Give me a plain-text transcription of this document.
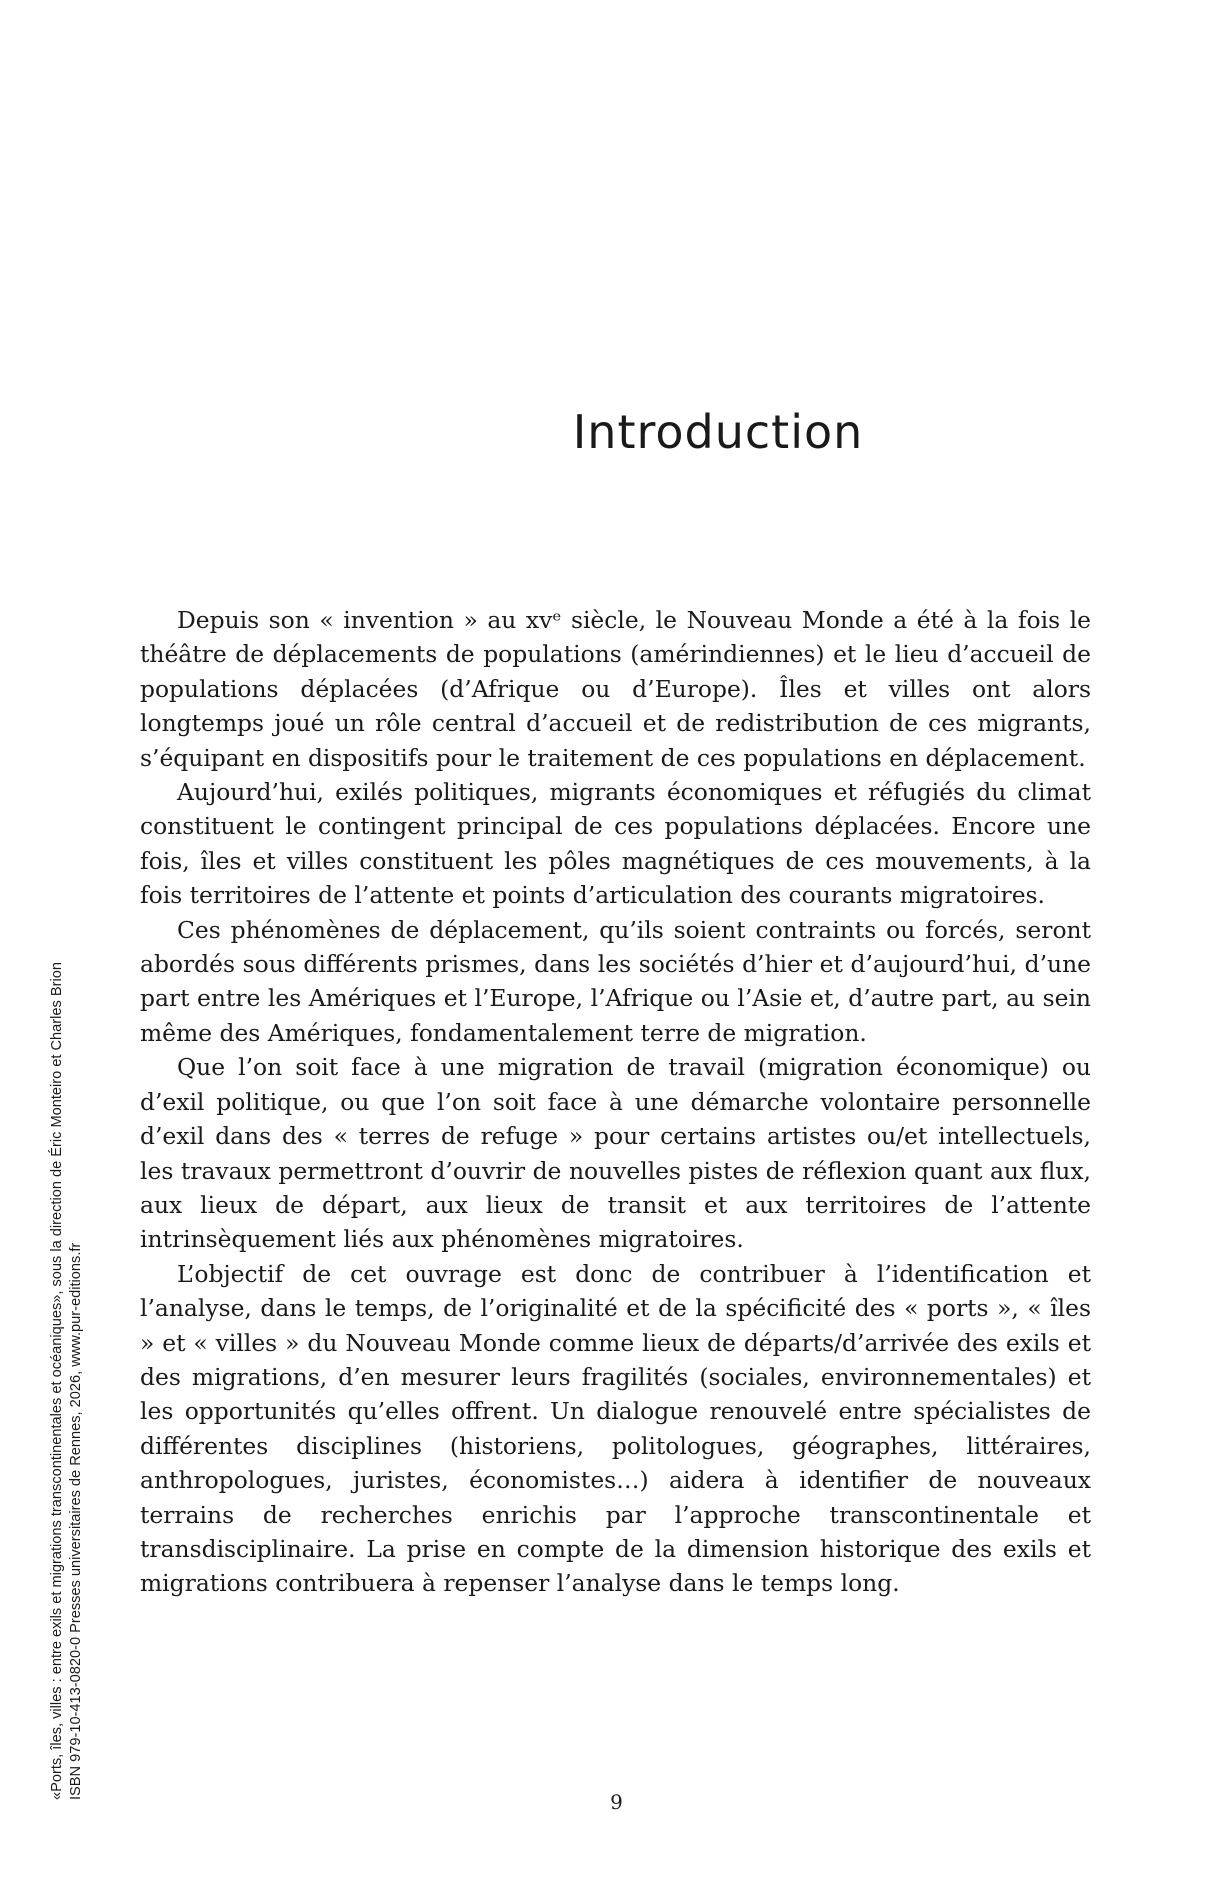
Introduction

Depuis son « invention » au xvᵉ siècle, le Nouveau Monde a été à la fois le théâtre de déplacements de populations (amérindiennes) et le lieu d’accueil de populations déplacées (d’Afrique ou d’Europe). Îles et villes ont alors longtemps joué un rôle central d’accueil et de redistribution de ces migrants, s’équipant en dispositifs pour le traitement de ces populations en déplacement.

Aujourd’hui, exilés politiques, migrants économiques et réfugiés du climat constituent le contingent principal de ces populations déplacées. Encore une fois, îles et villes constituent les pôles magnétiques de ces mouvements, à la fois territoires de l’attente et points d’articulation des courants migratoires.

Ces phénomènes de déplacement, qu’ils soient contraints ou forcés, seront abordés sous différents prismes, dans les sociétés d’hier et d’aujourd’hui, d’une part entre les Amériques et l’Europe, l’Afrique ou l’Asie et, d’autre part, au sein même des Amériques, fondamentalement terre de migration.

Que l’on soit face à une migration de travail (migration économique) ou d’exil politique, ou que l’on soit face à une démarche volontaire personnelle d’exil dans des « terres de refuge » pour certains artistes ou/et intellectuels, les travaux permettront d’ouvrir de nouvelles pistes de réflexion quant aux flux, aux lieux de départ, aux lieux de transit et aux territoires de l’attente intrinsèquement liés aux phénomènes migratoires.

L’objectif de cet ouvrage est donc de contribuer à l’identification et l’analyse, dans le temps, de l’originalité et de la spécificité des « ports », « îles » et « villes » du Nouveau Monde comme lieux de départs/d’arrivée des exils et des migrations, d’en mesurer leurs fragilités (sociales, environnementales) et les opportunités qu’elles offrent. Un dialogue renouvelé entre spécialistes de différentes disciplines (historiens, politologues, géographes, littéraires, anthropologues, juristes, économistes…) aidera à identifier de nouveaux terrains de recherches enrichis par l’approche transcontinentale et transdisciplinaire. La prise en compte de la dimension historique des exils et migrations contribuera à repenser l’analyse dans le temps long.

«Ports, îles, villes : entre exils et migrations transcontinentales et océaniques», sous la direction de Éric Monteiro et Charles Brion ISBN 979-10-413-0820-0 Presses universitaires de Rennes, 2026, www.pur-editions.fr
9
